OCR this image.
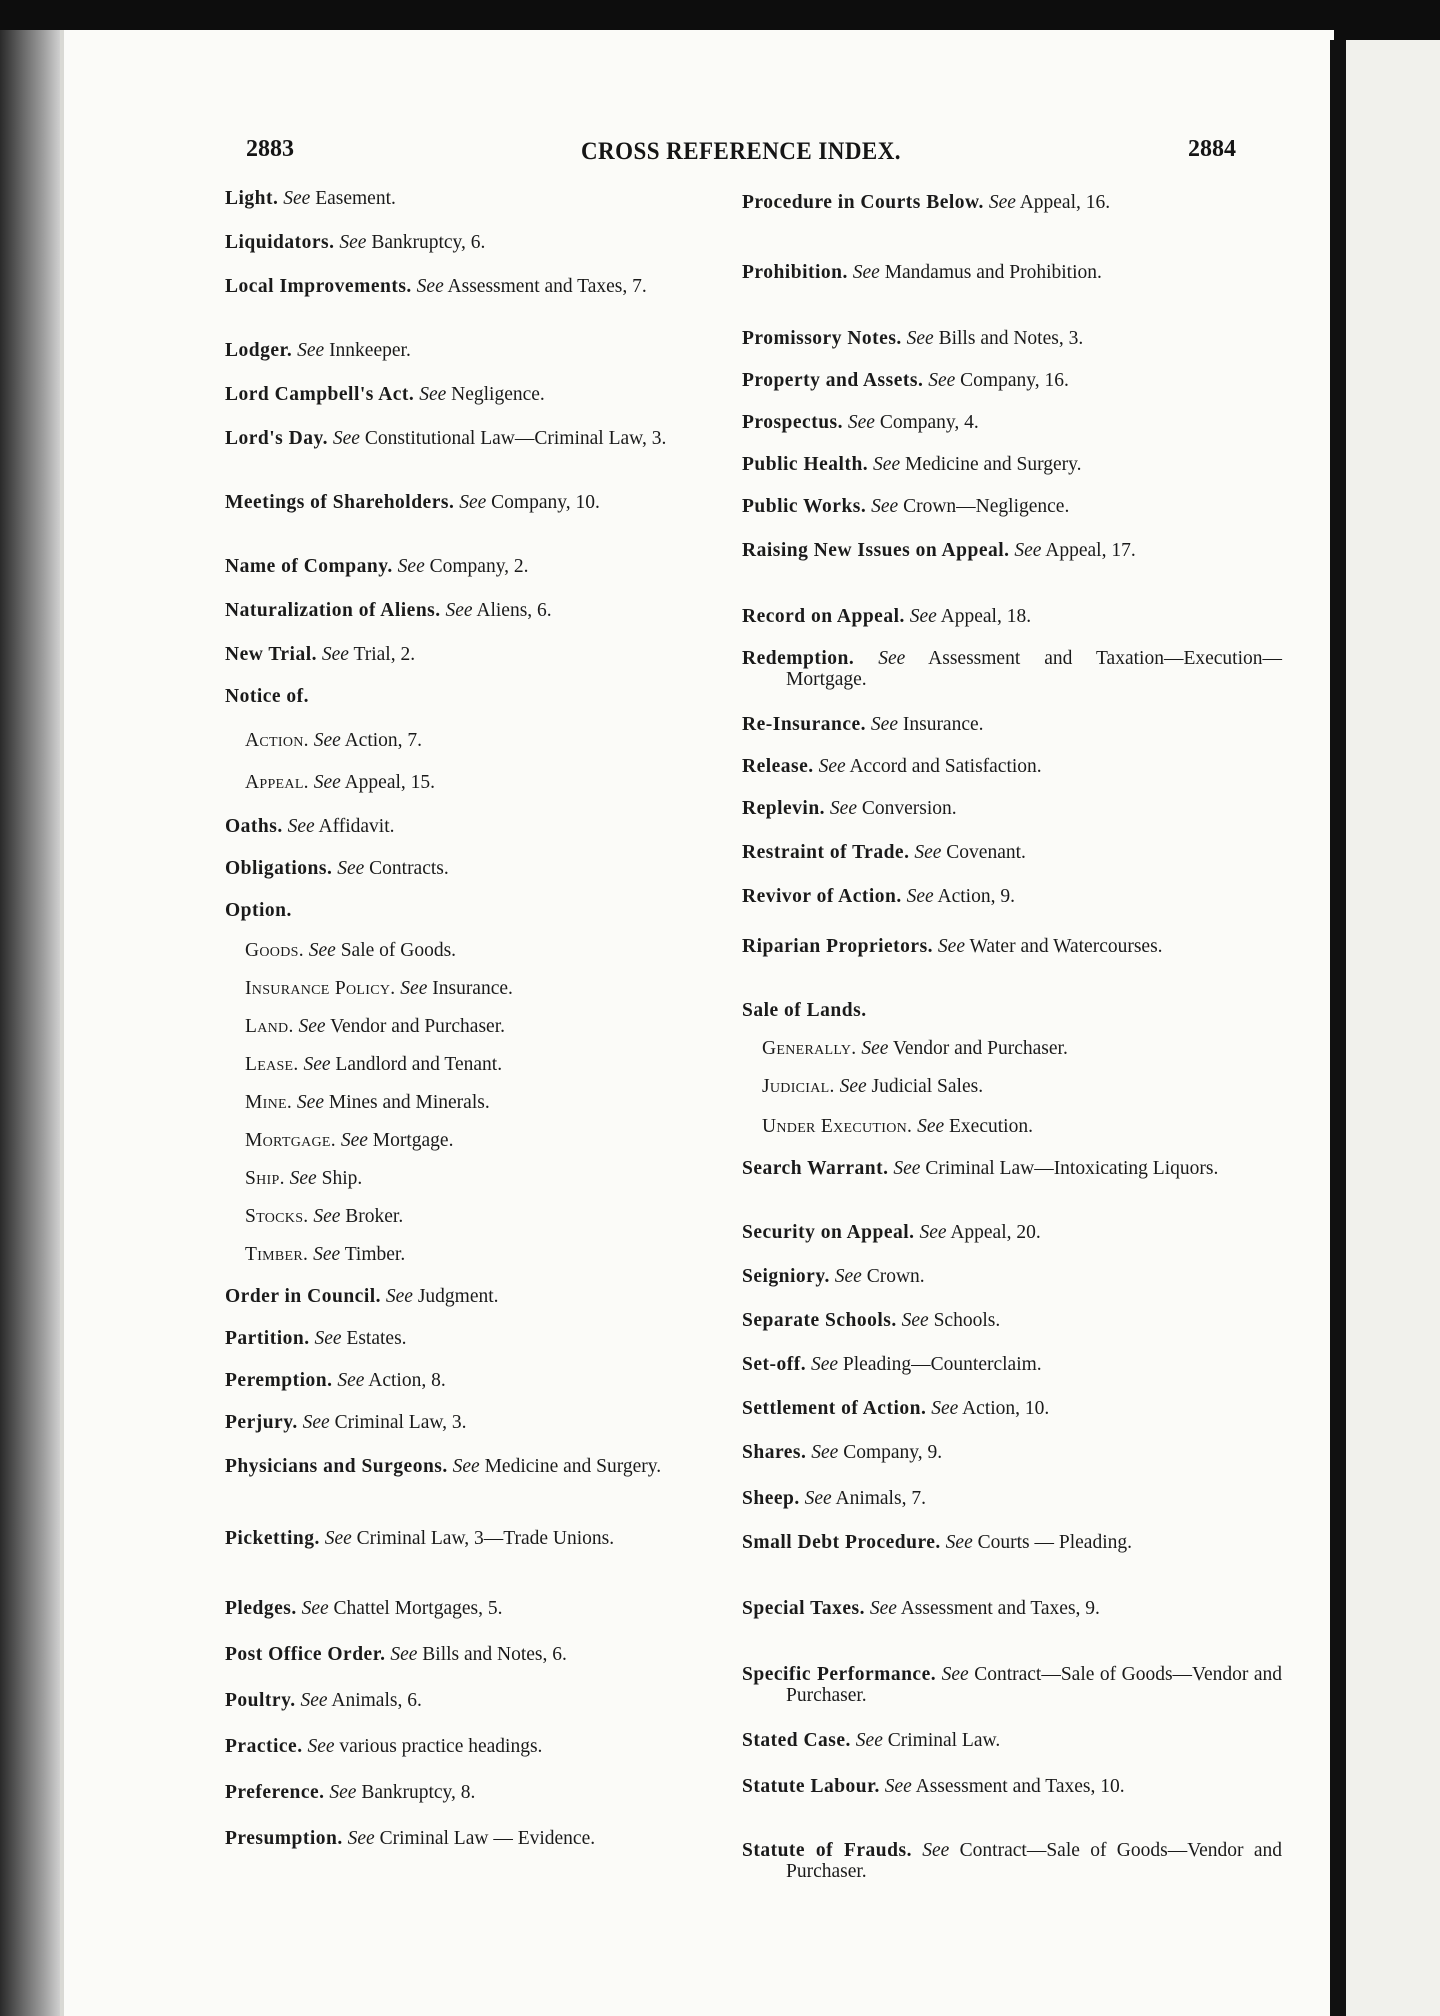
2883	CROSS REFERENCE INDEX.	2884
Light. See Easement.
Liquidators. See Bankruptcy, 6.
Local Improvements. See Assessment and Taxes, 7.
Lodger. See Innkeeper.
Lord Campbell's Act. See Negligence.
Lord's Day. See Constitutional Law—Criminal Law, 3.
Meetings of Shareholders. See Company, 10.
Name of Company. See Company, 2.
Naturalization of Aliens. See Aliens, 6.
New Trial. See Trial, 2.
Notice of.
Action. See Action, 7.
Appeal. See Appeal, 15.
Oaths. See Affidavit.
Obligations. See Contracts.
Option.
Goods. See Sale of Goods.
Insurance Policy. See Insurance.
Land. See Vendor and Purchaser.
Lease. See Landlord and Tenant.
Mine. See Mines and Minerals.
Mortgage. See Mortgage.
Ship. See Ship.
Stocks. See Broker.
Timber. See Timber.
Order in Council. See Judgment.
Partition. See Estates.
Peremption. See Action, 8.
Perjury. See Criminal Law, 3.
Physicians and Surgeons. See Medicine and Surgery.
Picketting. See Criminal Law, 3—Trade Unions.
Pledges. See Chattel Mortgages, 5.
Post Office Order. See Bills and Notes, 6.
Poultry. See Animals, 6.
Practice. See various practice headings.
Preference. See Bankruptcy, 8.
Presumption. See Criminal Law — Evidence.
Procedure in Courts Below. See Appeal, 16.
Prohibition. See Mandamus and Prohibition.
Promissory Notes. See Bills and Notes, 3.
Property and Assets. See Company, 16.
Prospectus. See Company, 4.
Public Health. See Medicine and Surgery.
Public Works. See Crown—Negligence.
Raising New Issues on Appeal. See Appeal, 17.
Record on Appeal. See Appeal, 18.
Redemption. See Assessment and Taxation—Execution—Mortgage.
Re-Insurance. See Insurance.
Release. See Accord and Satisfaction.
Replevin. See Conversion.
Restraint of Trade. See Covenant.
Revivor of Action. See Action, 9.
Riparian Proprietors. See Water and Watercourses.
Sale of Lands.
Generally. See Vendor and Purchaser.
Judicial. See Judicial Sales.
Under Execution. See Execution.
Search Warrant. See Criminal Law—Intoxicating Liquors.
Security on Appeal. See Appeal, 20.
Seigniory. See Crown.
Separate Schools. See Schools.
Set-off. See Pleading—Counterclaim.
Settlement of Action. See Action, 10.
Shares. See Company, 9.
Sheep. See Animals, 7.
Small Debt Procedure. See Courts — Pleading.
Special Taxes. See Assessment and Taxes, 9.
Specific Performance. See Contract—Sale of Goods—Vendor and Purchaser.
Stated Case. See Criminal Law.
Statute Labour. See Assessment and Taxes, 10.
Statute of Frauds. See Contract—Sale of Goods—Vendor and Purchaser.
